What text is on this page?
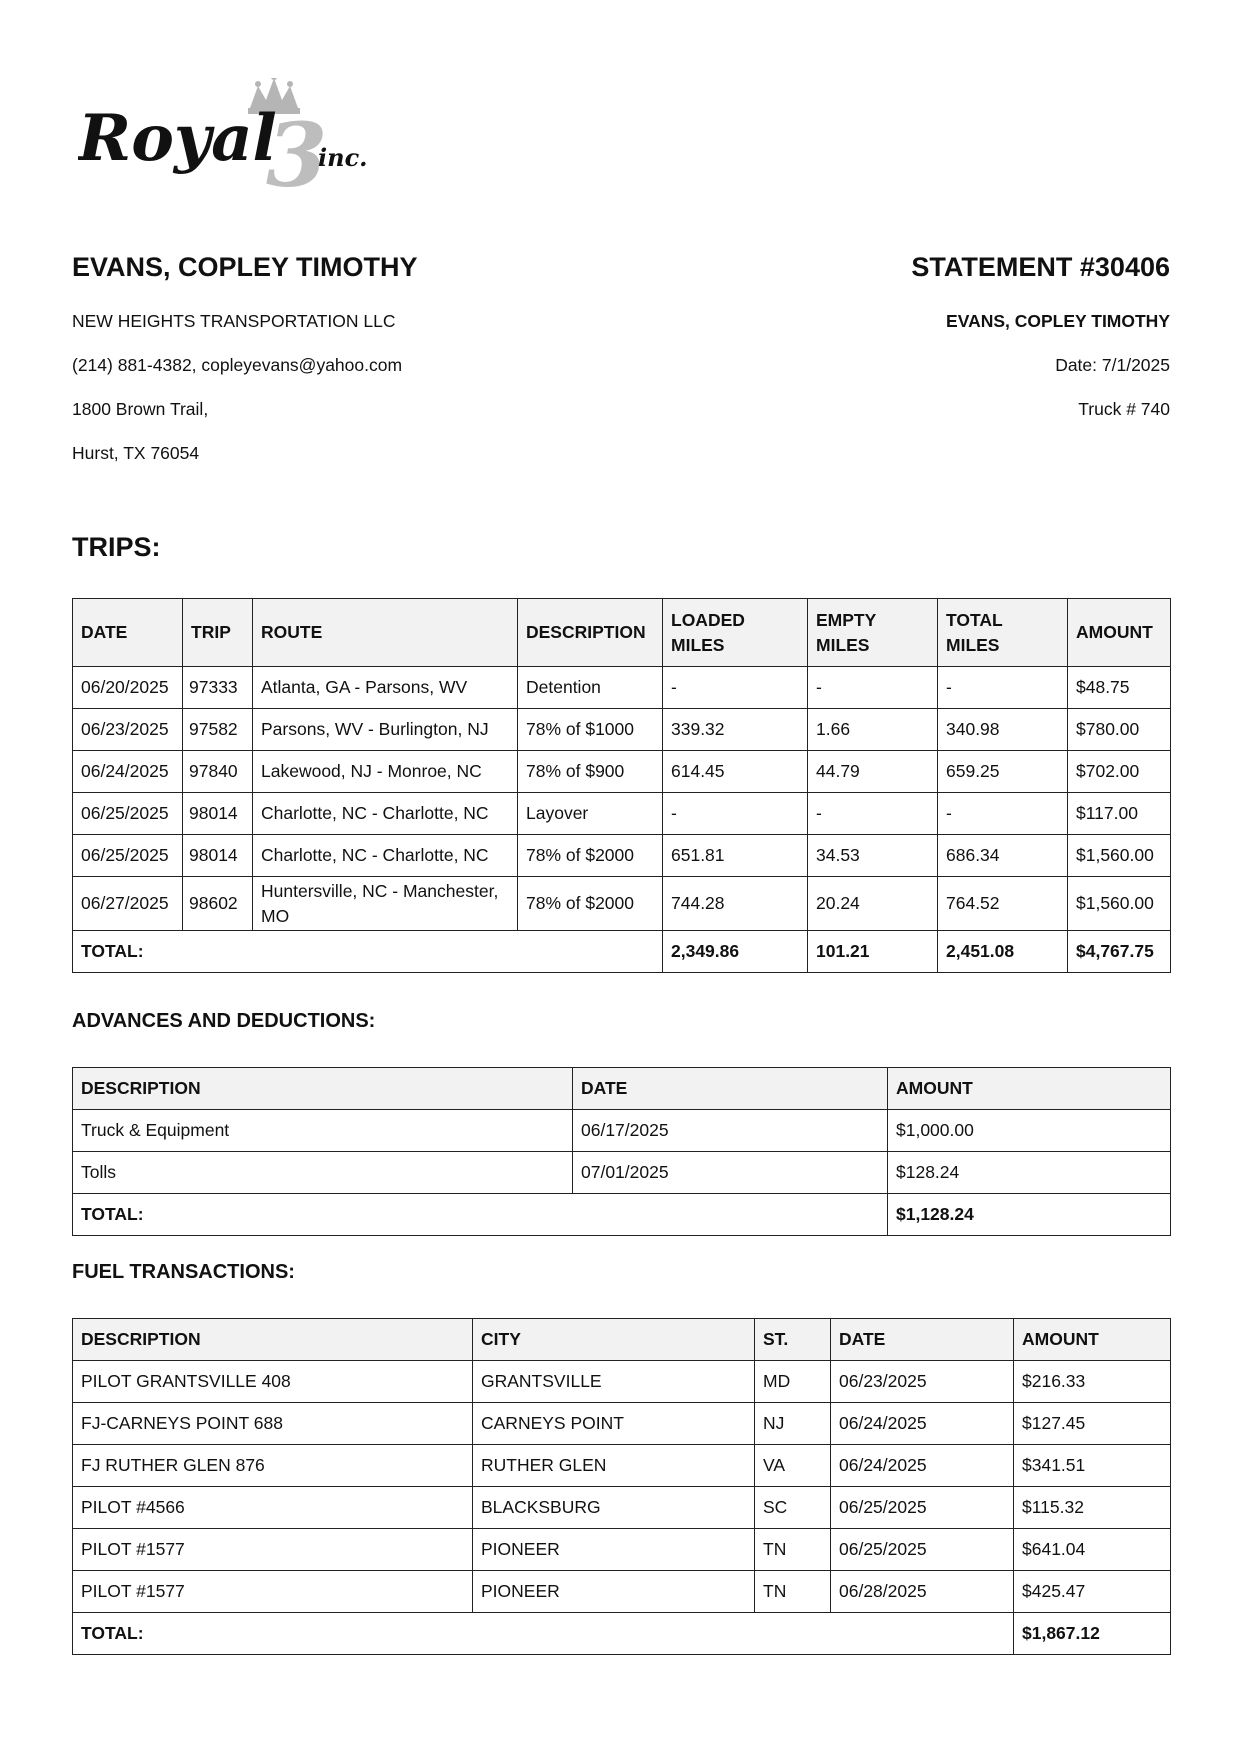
3
Royal inc.
EVANS, COPLEY TIMOTHY
NEW HEIGHTS TRANSPORTATION LLC
(214) 881-4382, copleyevans@yahoo.com
1800 Brown Trail,
Hurst, TX 76054
STATEMENT #30406
EVANS, COPLEY TIMOTHY
Date: 7/1/2025
Truck # 740
TRIPS:
DATE	TRIP	ROUTE	DESCRIPTION	LOADED MILES	EMPTY MILES	TOTAL MILES	AMOUNT
06/20/2025	97333	Atlanta, GA - Parsons, WV	Detention	-	-	-	$48.75
06/23/2025	97582	Parsons, WV - Burlington, NJ	78% of $1000	339.32	1.66	340.98	$780.00
06/24/2025	97840	Lakewood, NJ - Monroe, NC	78% of $900	614.45	44.79	659.25	$702.00
06/25/2025	98014	Charlotte, NC - Charlotte, NC	Layover	-	-	-	$117.00
06/25/2025	98014	Charlotte, NC - Charlotte, NC	78% of $2000	651.81	34.53	686.34	$1,560.00
06/27/2025	98602	Huntersville, NC - Manchester, MO	78% of $2000	744.28	20.24	764.52	$1,560.00
TOTAL:				2,349.86	101.21	2,451.08	$4,767.75
ADVANCES AND DEDUCTIONS:
DESCRIPTION	DATE	AMOUNT
Truck & Equipment	06/17/2025	$1,000.00
Tolls	07/01/2025	$128.24
TOTAL:		$1,128.24
FUEL TRANSACTIONS:
DESCRIPTION	CITY	ST.	DATE	AMOUNT
PILOT GRANTSVILLE 408	GRANTSVILLE	MD	06/23/2025	$216.33
FJ-CARNEYS POINT 688	CARNEYS POINT	NJ	06/24/2025	$127.45
FJ RUTHER GLEN 876	RUTHER GLEN	VA	06/24/2025	$341.51
PILOT #4566	BLACKSBURG	SC	06/25/2025	$115.32
PILOT #1577	PIONEER	TN	06/25/2025	$641.04
PILOT #1577	PIONEER	TN	06/28/2025	$425.47
TOTAL:				$1,867.12
